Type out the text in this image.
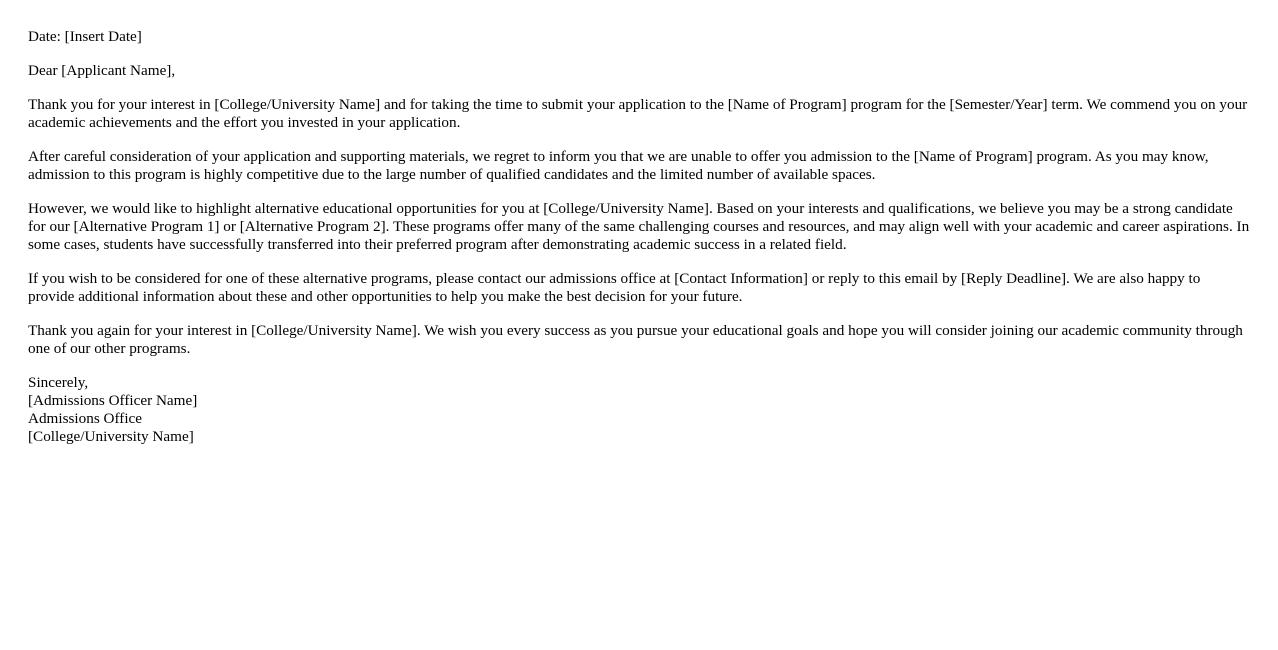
Date: [Insert Date]

Dear [Applicant Name],

Thank you for your interest in [College/University Name] and for taking the time to submit your application to the [Name of Program] program for the [Semester/Year] term. We commend you on your academic achievements and the effort you invested in your application.

After careful consideration of your application and supporting materials, we regret to inform you that we are unable to offer you admission to the [Name of Program] program. As you may know, admission to this program is highly competitive due to the large number of qualified candidates and the limited number of available spaces.

However, we would like to highlight alternative educational opportunities for you at [College/University Name]. Based on your interests and qualifications, we believe you may be a strong candidate for our [Alternative Program 1] or [Alternative Program 2]. These programs offer many of the same challenging courses and resources, and may align well with your academic and career aspirations. In some cases, students have successfully transferred into their preferred program after demonstrating academic success in a related field.

If you wish to be considered for one of these alternative programs, please contact our admissions office at [Contact Information] or reply to this email by [Reply Deadline]. We are also happy to provide additional information about these and other opportunities to help you make the best decision for your future.

Thank you again for your interest in [College/University Name]. We wish you every success as you pursue your educational goals and hope you will consider joining our academic community through one of our other programs.

Sincerely,
[Admissions Officer Name]
Admissions Office
[College/University Name]
